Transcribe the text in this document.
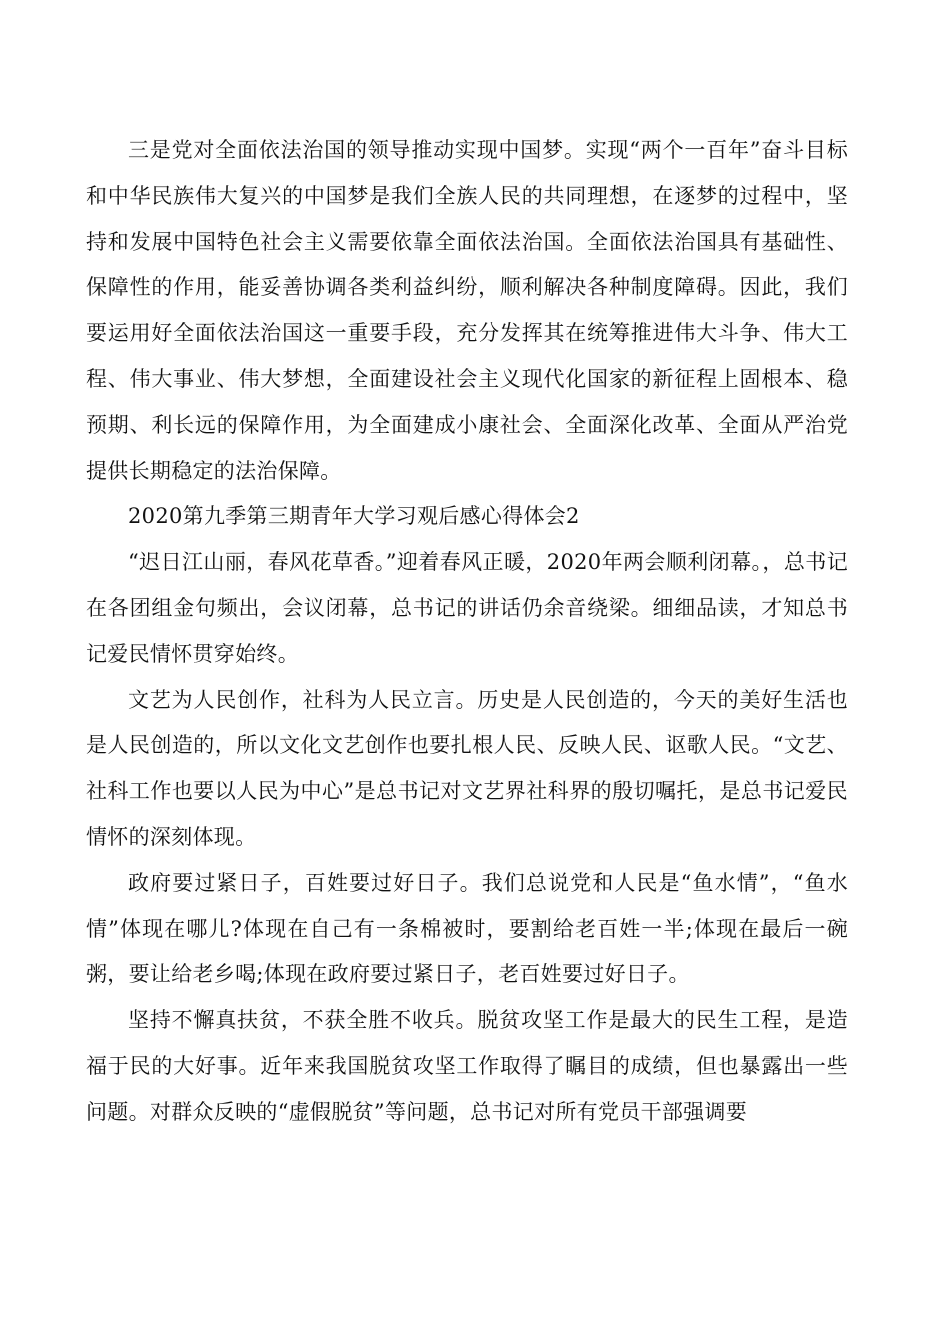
三是党对全面依法治国的领导推动实现中国梦。实现“两个一百年”奋斗目标和中华民族伟大复兴的中国梦是我们全族人民的共同理想，在逐梦的过程中，坚持和发展中国特色社会主义需要依靠全面依法治国。全面依法治国具有基础性、保障性的作用，能妥善协调各类利益纠纷，顺利解决各种制度障碍。因此，我们要运用好全面依法治国这一重要手段，充分发挥其在统筹推进伟大斗争、伟大工程、伟大事业、伟大梦想，全面建设社会主义现代化国家的新征程上固根本、稳预期、利长远的保障作用，为全面建成小康社会、全面深化改革、全面从严治党提供长期稳定的法治保障。

2020第九季第三期青年大学习观后感心得体会2

“迟日江山丽，春风花草香。”迎着春风正暖，2020年两会顺利闭幕。，总书记在各团组金句频出，会议闭幕，总书记的讲话仍余音绕梁。细细品读，才知总书记爱民情怀贯穿始终。

文艺为人民创作，社科为人民立言。历史是人民创造的，今天的美好生活也是人民创造的，所以文化文艺创作也要扎根人民、反映人民、讴歌人民。“文艺、社科工作也要以人民为中心”是总书记对文艺界社科界的殷切嘱托，是总书记爱民情怀的深刻体现。

政府要过紧日子，百姓要过好日子。我们总说党和人民是“鱼水情”，“鱼水情”体现在哪儿?体现在自己有一条棉被时，要割给老百姓一半;体现在最后一碗粥，要让给老乡喝;体现在政府要过紧日子，老百姓要过好日子。

坚持不懈真扶贫，不获全胜不收兵。脱贫攻坚工作是最大的民生工程，是造福于民的大好事。近年来我国脱贫攻坚工作取得了瞩目的成绩，但也暴露出一些问题。对群众反映的“虚假脱贫”等问题，总书记对所有党员干部强调要
